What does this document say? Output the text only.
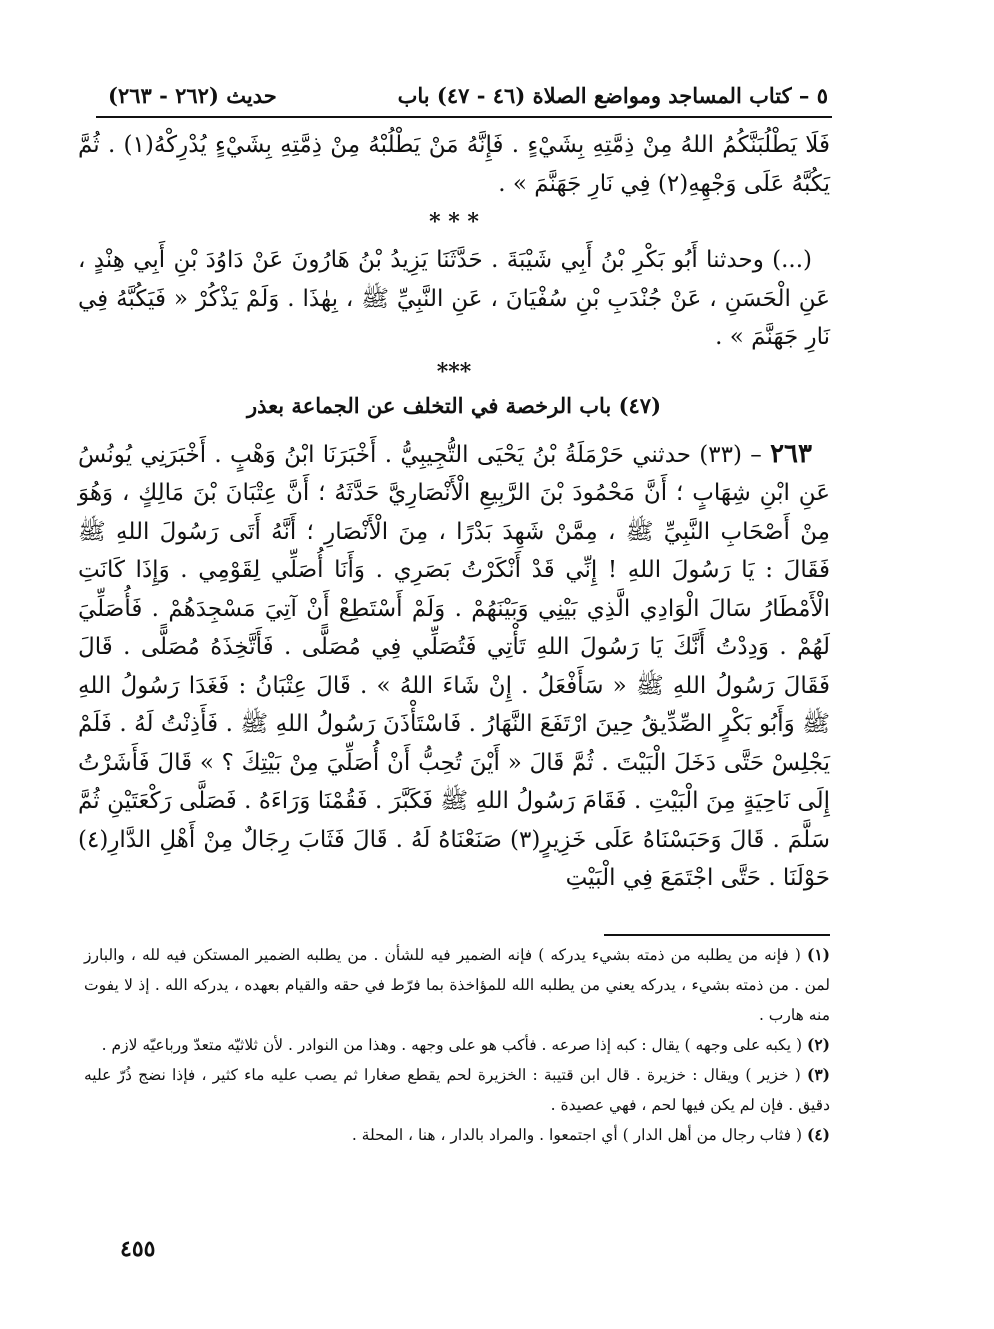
٥ – كتاب المساجد ومواضع الصلاة (٤٦ - ٤٧) باب
(٢٦٢ - ٢٦٣) حديث

فَلَا يَطْلُبَنَّكُمُ اللهُ مِنْ ذِمَّتِهِ بِشَيْءٍ . فَإِنَّهُ مَنْ يَطْلُبْهُ مِنْ ذِمَّتِهِ بِشَيْءٍ يُدْرِكْهُ(١) . ثُمَّ يَكُبَّهُ عَلَى وَجْهِهِ(٢) فِي نَارِ جَهَنَّمَ » .

* * *

(...) وحدثنا أَبُو بَكْرِ بْنُ أَبِي شَيْبَةَ . حَدَّثَنَا يَزِيدُ بْنُ هَارُونَ عَنْ دَاوُدَ بْنِ أَبِي هِنْدٍ ، عَنِ الْحَسَنِ ، عَنْ جُنْدَبِ بْنِ سُفْيَانَ ، عَنِ النَّبِيِّ ﷺ ، بِهٰذَا . وَلَمْ يَذْكُرْ « فَيَكُبَّهُ فِي نَارِ جَهَنَّمَ » .

***

(٤٧) باب الرخصة في التخلف عن الجماعة بعذر

٢٦٣ – (٣٣) حدثني حَرْمَلَةُ بْنُ يَحْيَى التُّجِيبِيُّ . أَخْبَرَنَا ابْنُ وَهْبٍ . أَخْبَرَنِي يُونُسُ عَنِ ابْنِ شِهَابٍ ؛ أَنَّ مَحْمُودَ بْنَ الرَّبِيعِ الْأَنْصَارِيَّ حَدَّثَهُ ؛ أَنَّ عِتْبَانَ بْنَ مَالِكٍ ، وَهُوَ مِنْ أَصْحَابِ النَّبِيِّ ﷺ ، مِمَّنْ شَهِدَ بَدْرًا ، مِنَ الْأَنْصَارِ ؛ أَنَّهُ أَتَى رَسُولَ اللهِ ﷺ فَقَالَ : يَا رَسُولَ اللهِ ! إِنِّي قَدْ أَنْكَرْتُ بَصَرِي . وَأَنَا أُصَلِّي لِقَوْمِي . وَإِذَا كَانَتِ الْأَمْطَارُ سَالَ الْوَادِي الَّذِي بَيْنِي وَبَيْنَهُمْ . وَلَمْ أَسْتَطِعْ أَنْ آتِيَ مَسْجِدَهُمْ . فَأُصَلِّيَ لَهُمْ . وَدِدْتُ أَنَّكَ يَا رَسُولَ اللهِ تَأْتِي فَتُصَلِّي فِي مُصَلًّى . فَأَتَّخِذَهُ مُصَلًّى . قَالَ فَقَالَ رَسُولُ اللهِ ﷺ « سَأَفْعَلُ . إِنْ شَاءَ اللهُ » . قَالَ عِتْبَانُ : فَغَدَا رَسُولُ اللهِ ﷺ وَأَبُو بَكْرٍ الصِّدِّيقُ حِينَ ارْتَفَعَ النَّهَارُ . فَاسْتَأْذَنَ رَسُولُ اللهِ ﷺ . فَأَذِنْتُ لَهُ . فَلَمْ يَجْلِسْ حَتَّى دَخَلَ الْبَيْتَ . ثُمَّ قَالَ « أَيْنَ تُحِبُّ أَنْ أُصَلِّيَ مِنْ بَيْتِكَ ؟ » قَالَ فَأَشَرْتُ إِلَى نَاحِيَةٍ مِنَ الْبَيْتِ . فَقَامَ رَسُولُ اللهِ ﷺ فَكَبَّرَ . فَقُمْنَا وَرَاءَهُ . فَصَلَّى رَكْعَتَيْنِ ثُمَّ سَلَّمَ . قَالَ وَحَبَسْنَاهُ عَلَى خَزِيرٍ(٣) صَنَعْنَاهُ لَهُ . قَالَ فَثَابَ رِجَالٌ مِنْ أَهْلِ الدَّارِ(٤) حَوْلَنَا . حَتَّى اجْتَمَعَ فِي الْبَيْتِ

(١) ( فإنه من يطلبه من ذمته بشيء يدركه ) فإنه الضمير فيه للشأن . من يطلبه الضمير المستكن فيه لله ، والبارز لمن . من ذمته بشيء ، يدركه يعني من يطلبه الله للمؤاخذة بما فرّط في حقه والقيام بعهده ، يدركه الله . إذ لا يفوت منه هارب .

(٢) ( يكبه على وجهه ) يقال : كبه إذا صرعه . فأكب هو على وجهه . وهذا من النوادر . لأن ثلاثيّه متعدّ ورباعيّه لازم .

(٣) ( خزير ) ويقال : خزيرة . قال ابن قتيبة : الخزيرة لحم يقطع صغارا ثم يصب عليه ماء كثير ، فإذا نضج ذُرّ عليه دقيق . فإن لم يكن فيها لحم ، فهي عصيدة .

(٤) ( فثاب رجال من أهل الدار ) أي اجتمعوا . والمراد بالدار ، هنا ، المحلة .

٤٥٥
